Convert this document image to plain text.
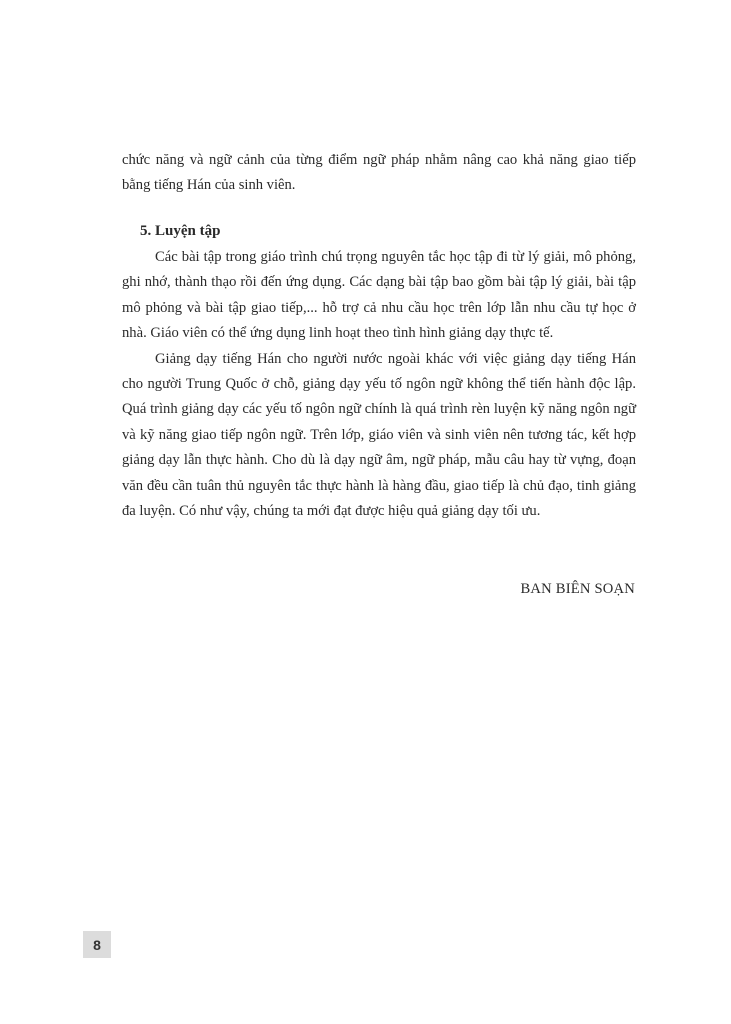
chức năng và ngữ cảnh của từng điểm ngữ pháp nhằm nâng cao khả năng giao tiếp bằng tiếng Hán của sinh viên.

5. Luyện tập

Các bài tập trong giáo trình chú trọng nguyên tắc học tập đi từ lý giải, mô phỏng, ghi nhớ, thành thạo rồi đến ứng dụng. Các dạng bài tập bao gồm bài tập lý giải, bài tập mô phỏng và bài tập giao tiếp,... hỗ trợ cả nhu cầu học trên lớp lẫn nhu cầu tự học ở nhà. Giáo viên có thể ứng dụng linh hoạt theo tình hình giảng dạy thực tế.

Giảng dạy tiếng Hán cho người nước ngoài khác với việc giảng dạy tiếng Hán cho người Trung Quốc ở chỗ, giảng dạy yếu tố ngôn ngữ không thể tiến hành độc lập. Quá trình giảng dạy các yếu tố ngôn ngữ chính là quá trình rèn luyện kỹ năng ngôn ngữ và kỹ năng giao tiếp ngôn ngữ. Trên lớp, giáo viên và sinh viên nên tương tác, kết hợp giảng dạy lẫn thực hành. Cho dù là dạy ngữ âm, ngữ pháp, mẫu câu hay từ vựng, đoạn văn đều cần tuân thủ nguyên tắc thực hành là hàng đầu, giao tiếp là chủ đạo, tinh giảng đa luyện. Có như vậy, chúng ta mới đạt được hiệu quả giảng dạy tối ưu.

BAN BIÊN SOẠN
8
